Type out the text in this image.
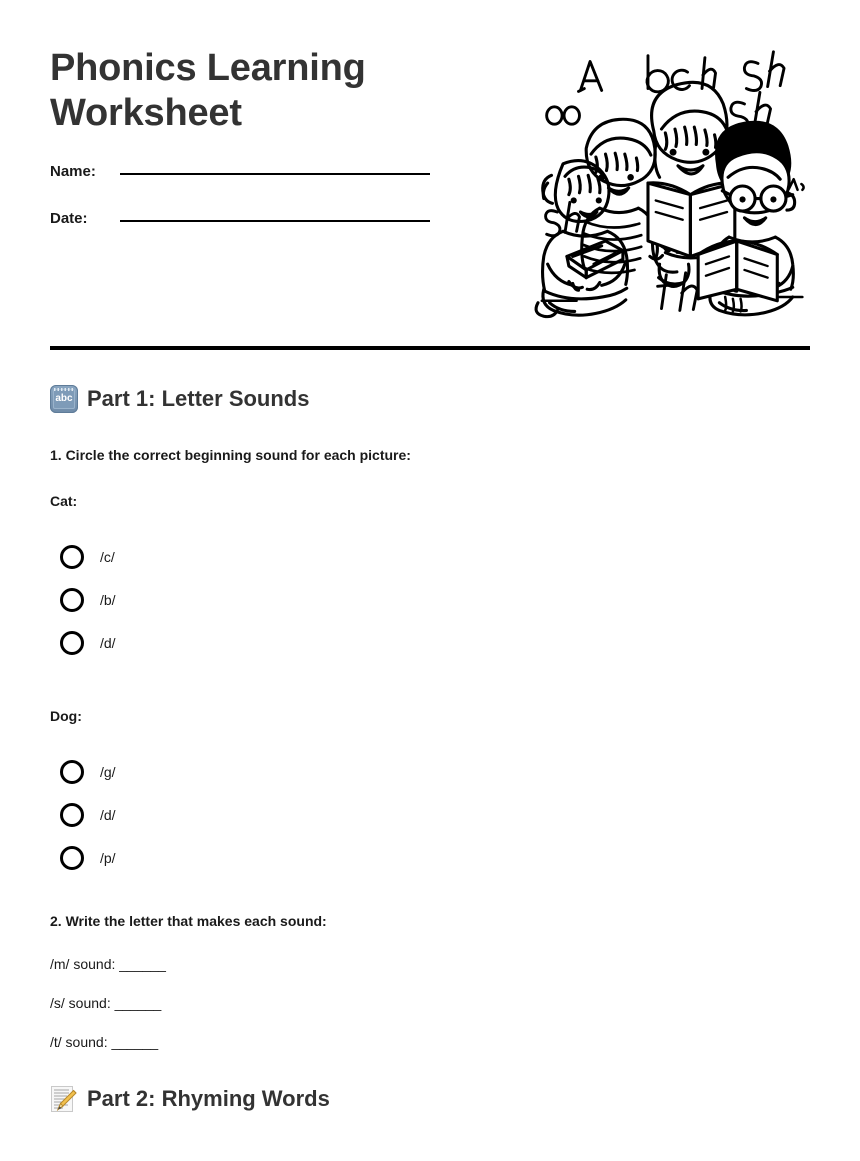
Phonics Learning Worksheet
Name:
Date:
abc Part 1: Letter Sounds
1. Circle the correct beginning sound for each picture:
Cat:
/c/
/b/
/d/
Dog:
/g/
/d/
/p/
2. Write the letter that makes each sound:
/m/ sound: ______
/s/ sound: ______
/t/ sound: ______
Part 2: Rhyming Words
